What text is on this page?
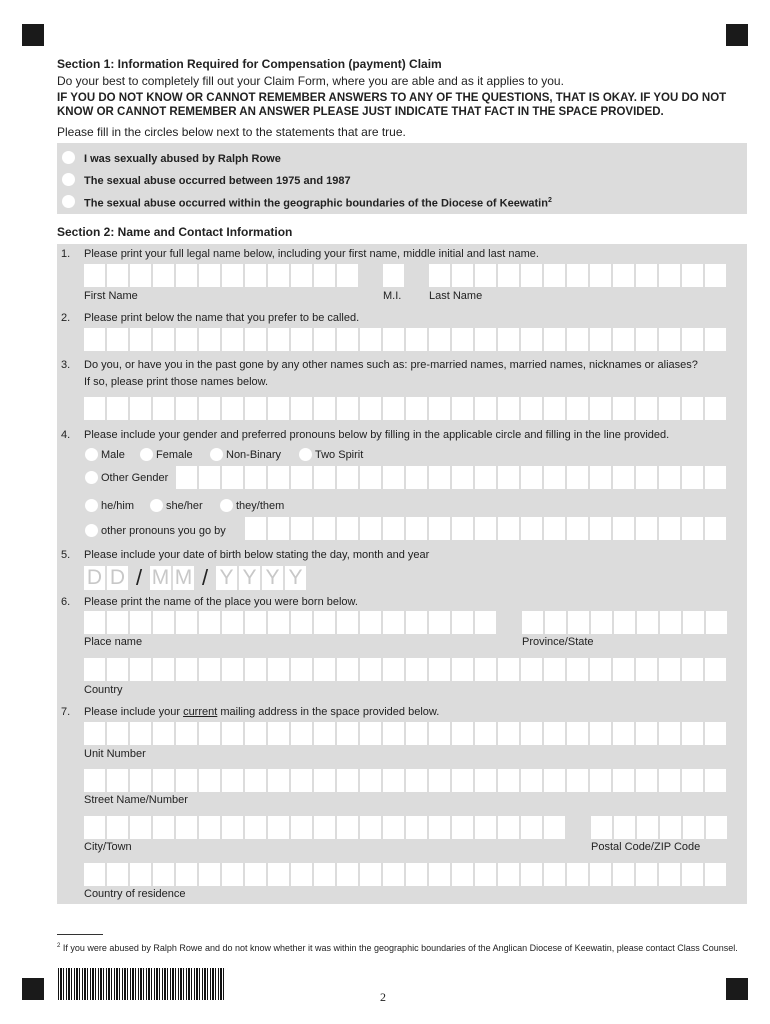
Section 1: Information Required for Compensation (payment) Claim
Do your best to completely fill out your Claim Form, where you are able and as it applies to you.
IF YOU DO NOT KNOW OR CANNOT REMEMBER ANSWERS TO ANY OF THE QUESTIONS, THAT IS OKAY. IF YOU DO NOT KNOW OR CANNOT REMEMBER AN ANSWER PLEASE JUST INDICATE THAT FACT IN THE SPACE PROVIDED.
Please fill in the circles below next to the statements that are true.
I was sexually abused by Ralph Rowe
The sexual abuse occurred between 1975 and 1987
The sexual abuse occurred within the geographic boundaries of the Diocese of Keewatin$^2$
Section 2: Name and Contact Information
1. Please print your full legal name below, including your first name, middle initial and last name.
First Name	M.I.	Last Name
2. Please print below the name that you prefer to be called.
3. Do you, or have you in the past gone by any other names such as: pre-married names, married names, nicknames or aliases?
If so, please print those names below.
4. Please include your gender and preferred pronouns below by filling in the applicable circle and filling in the line provided.
Male	Female	Non-Binary	Two Spirit
Other Gender
he/him	she/her	they/them
other pronouns you go by
5. Please include your date of birth below stating the day, month and year
D D / M M / Y Y Y Y
6. Please print the name of the place you were born below.
Place name	Province/State
Country
7. Please include your current mailing address in the space provided below.
Unit Number
Street Name/Number
City/Town	Postal Code/ZIP Code
Country of residence
$^2$ If you were abused by Ralph Rowe and do not know whether it was within the geographic boundaries of the Anglican Diocese of Keewatin, please contact Class Counsel.
2
